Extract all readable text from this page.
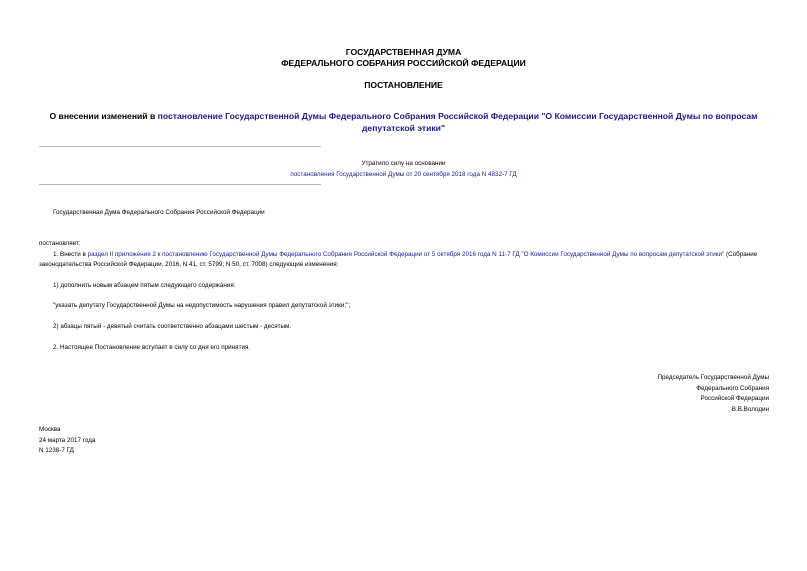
ГОСУДАРСТВЕННАЯ ДУМА
ФЕДЕРАЛЬНОГО СОБРАНИЯ РОССИЙСКОЙ ФЕДЕРАЦИИ
ПОСТАНОВЛЕНИЕ
О внесении изменений в постановление Государственной Думы Федерального Собрания Российской Федерации "О Комиссии Государственной Думы по вопросам депутатской этики"
Утратило силу на основании
постановления Государственной Думы от 20 сентября 2018 года N 4832-7 ГД
Государственная Дума Федерального Собрания Российской Федерации
постановляет:
1. Внести в раздел II приложения 2 к постановлению Государственной Думы Федерального Собрания Российской Федерации от 5 октября 2016 года N 11-7 ГД "О Комиссии Государственной Думы по вопросам депутатской этики" (Собрание законодательства Российской Федерации, 2016, N 41, ст. 5799; N 50, ст. 7008) следующие изменения:
1) дополнить новым абзацем пятым следующего содержания:
"указать депутату Государственной Думы на недопустимость нарушения правил депутатской этики;";
2) абзацы пятый - девятый считать соответственно абзацами шестым - десятым.
2. Настоящее Постановление вступает в силу со дня его принятия.
Председатель Государственной Думы
Федерального Собрания
Российской Федерации
В.В.Володин
Москва
24 марта 2017 года
N 1238-7 ГД
